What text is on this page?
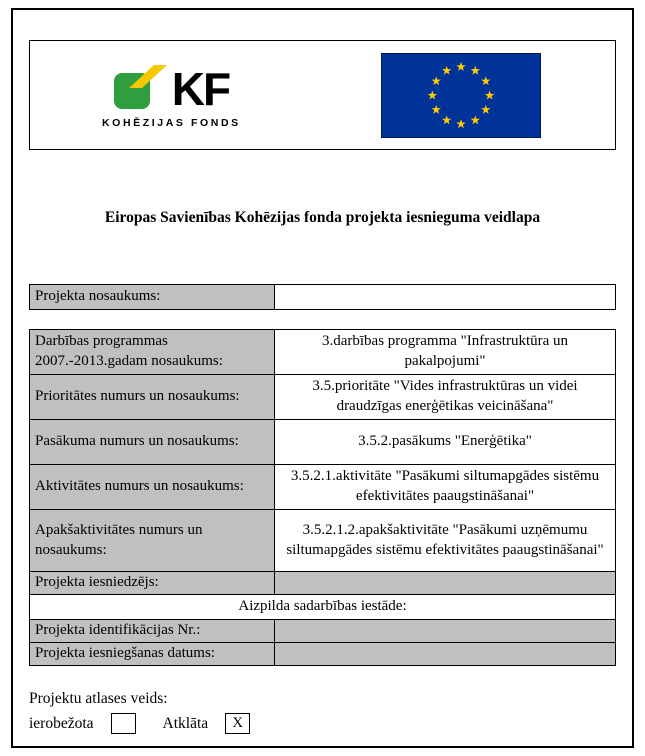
KF
KOHĒZIJAS FONDS
Eiropas Savienības Kohēzijas fonda projekta iesnieguma veidlapa
Projekta nosaukums:	
Darbības programmas 2007.-2013.gadam nosaukums:	3.darbības programma "Infrastruktūra un pakalpojumi"
Prioritātes numurs un nosaukums:	3.5.prioritāte "Vides infrastruktūras un videi draudzīgas enerģētikas veicināšana"
Pasākuma numurs un nosaukums:	3.5.2.pasākums "Enerģētika"
Aktivitātes numurs un nosaukums:	3.5.2.1.aktivitāte "Pasākumi siltumapgādes sistēmu efektivitātes paaugstināšanai"
Apakšaktivitātes numurs un nosaukums:	3.5.2.1.2.apakšaktivitāte "Pasākumi uzņēmumu siltumapgādes sistēmu efektivitātes paaugstināšanai"
Projekta iesniedzējs:	
Aizpilda sadarbības iestāde:	
Projekta identifikācijas Nr.:	
Projekta iesniegšanas datums:	
Projektu atlases veids:
ierobežota	Atklāta	X
